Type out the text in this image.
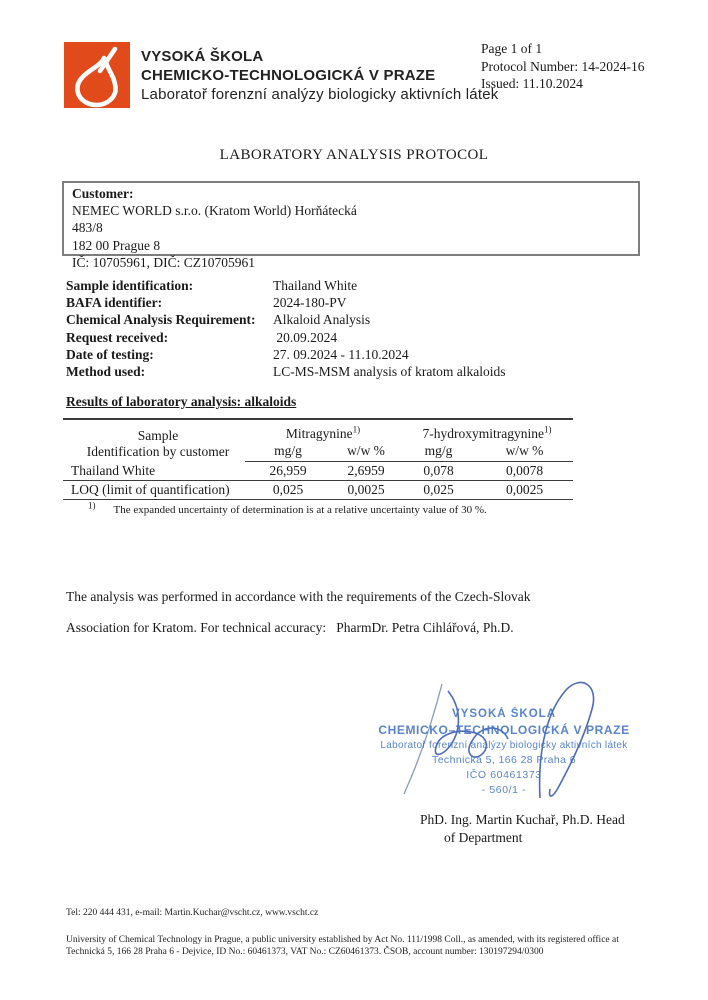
VYSOKÁ ŠKOLA
CHEMICKO-TECHNOLOGICKÁ V PRAZE
Laboratoř forenzní analýzy biologicky aktivních látek
Page 1 of 1
Protocol Number: 14-2024-16
Issued: 11.10.2024
LABORATORY ANALYSIS PROTOCOL
Customer:
NEMEC WORLD s.r.o. (Kratom World) Horňátecká
483/8
182 00 Prague 8
IČ: 10705961, DIČ: CZ10705961
Sample identification:	Thailand White
BAFA identifier:	2024-180-PV
Chemical Analysis Requirement:	Alkaloid Analysis
Request received:	20.09.2024
Date of testing:	27. 09.2024 - 11.10.2024
Method used:	LC-MS-MSM analysis of kratom alkaloids
Results of laboratory analysis: alkaloids
Sample
Identification by customer	Mitragynine$^{1)}$		7-hydroxymitragynine$^{1)}$
	mg/g	w/w %	mg/g	w/w %
Thailand White	26,959	2,6959	0,078	0,0078
LOQ (limit of quantification)	0,025	0,0025	0,025	0,0025
$^{1)}$ The expanded uncertainty of determination is at a relative uncertainty value of 30 %.
The analysis was performed in accordance with the requirements of the Czech-Slovak
Association for Kratom. For technical accuracy:   PharmDr. Petra Cihlářová, Ph.D.
VYSOKÁ ŠKOLA
CHEMICKO–TECHNOLOGICKÁ V PRAZE
Laboratoř forenzní analýzy biologicky aktivních látek
Technická 5, 166 28 Praha 6
IČO 60461373
- 560/1 -
PhD. Ing. Martin Kuchař, Ph.D. Head
of Department
Tel: 220 444 431, e-mail: Martin.Kuchar@vscht.cz, www.vscht.cz
University of Chemical Technology in Prague, a public university established by Act No. 111/1998 Coll., as amended, with its registered office at
Technická 5, 166 28 Praha 6 - Dejvice, ID No.: 60461373, VAT No.: CZ60461373. ČSOB, account number: 130197294/0300
